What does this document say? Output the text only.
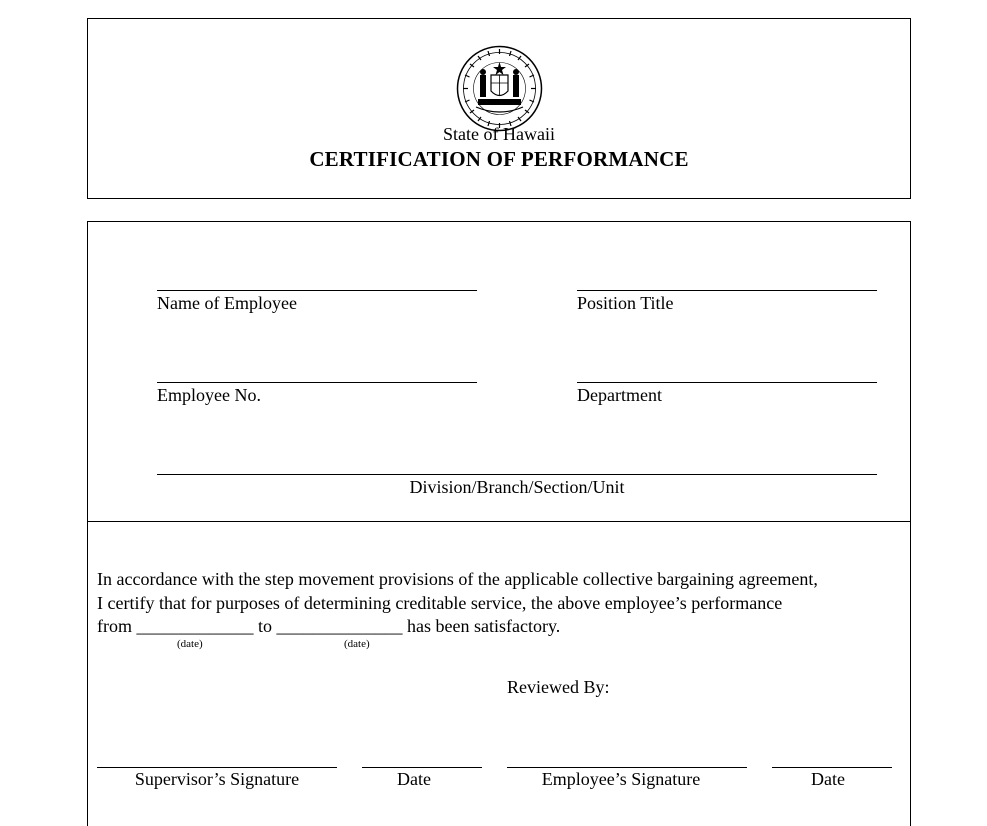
State of Hawaii
CERTIFICATION OF PERFORMANCE
Name of Employee	Position Title
Employee No.	Department
Division/Branch/Section/Unit
In accordance with the step movement provisions of the applicable collective bargaining agreement,
I certify that for purposes of determining creditable service, the above employee’s performance
from _____________ to ______________ has been satisfactory.
(date)	(date)
Reviewed By:
Supervisor’s Signature	Date	Employee’s Signature	Date
